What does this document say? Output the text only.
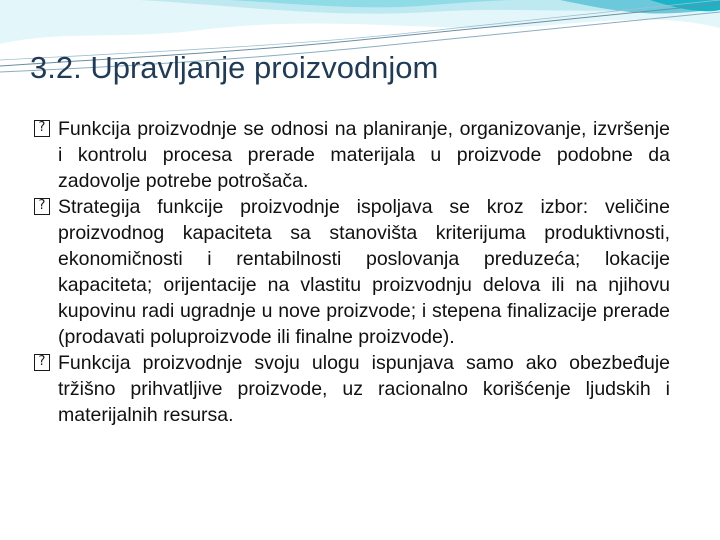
3.2. Upravljanje proizvodnjom

? Funkcija proizvodnje se odnosi na planiranje, organizovanje, izvršenje i kontrolu procesa prerade materijala u proizvode podobne da zadovolje potrebe potrošača.

? Strategija funkcije proizvodnje ispoljava se kroz izbor: veličine proizvodnog kapaciteta sa stanovišta kriterijuma produktivnosti, ekonomičnosti i rentabilnosti poslovanja preduzeća; lokacije kapaciteta; orijentacije na vlastitu proizvodnju delova ili na njihovu kupovinu radi ugradnje u nove proizvode; i stepena finalizacije prerade (prodavati poluproizvode ili finalne proizvode).

? Funkcija proizvodnje svoju ulogu ispunjava samo ako obezbeđuje tržišno prihvatljive proizvode, uz racionalno korišćenje ljudskih i materijalnih resursa.
